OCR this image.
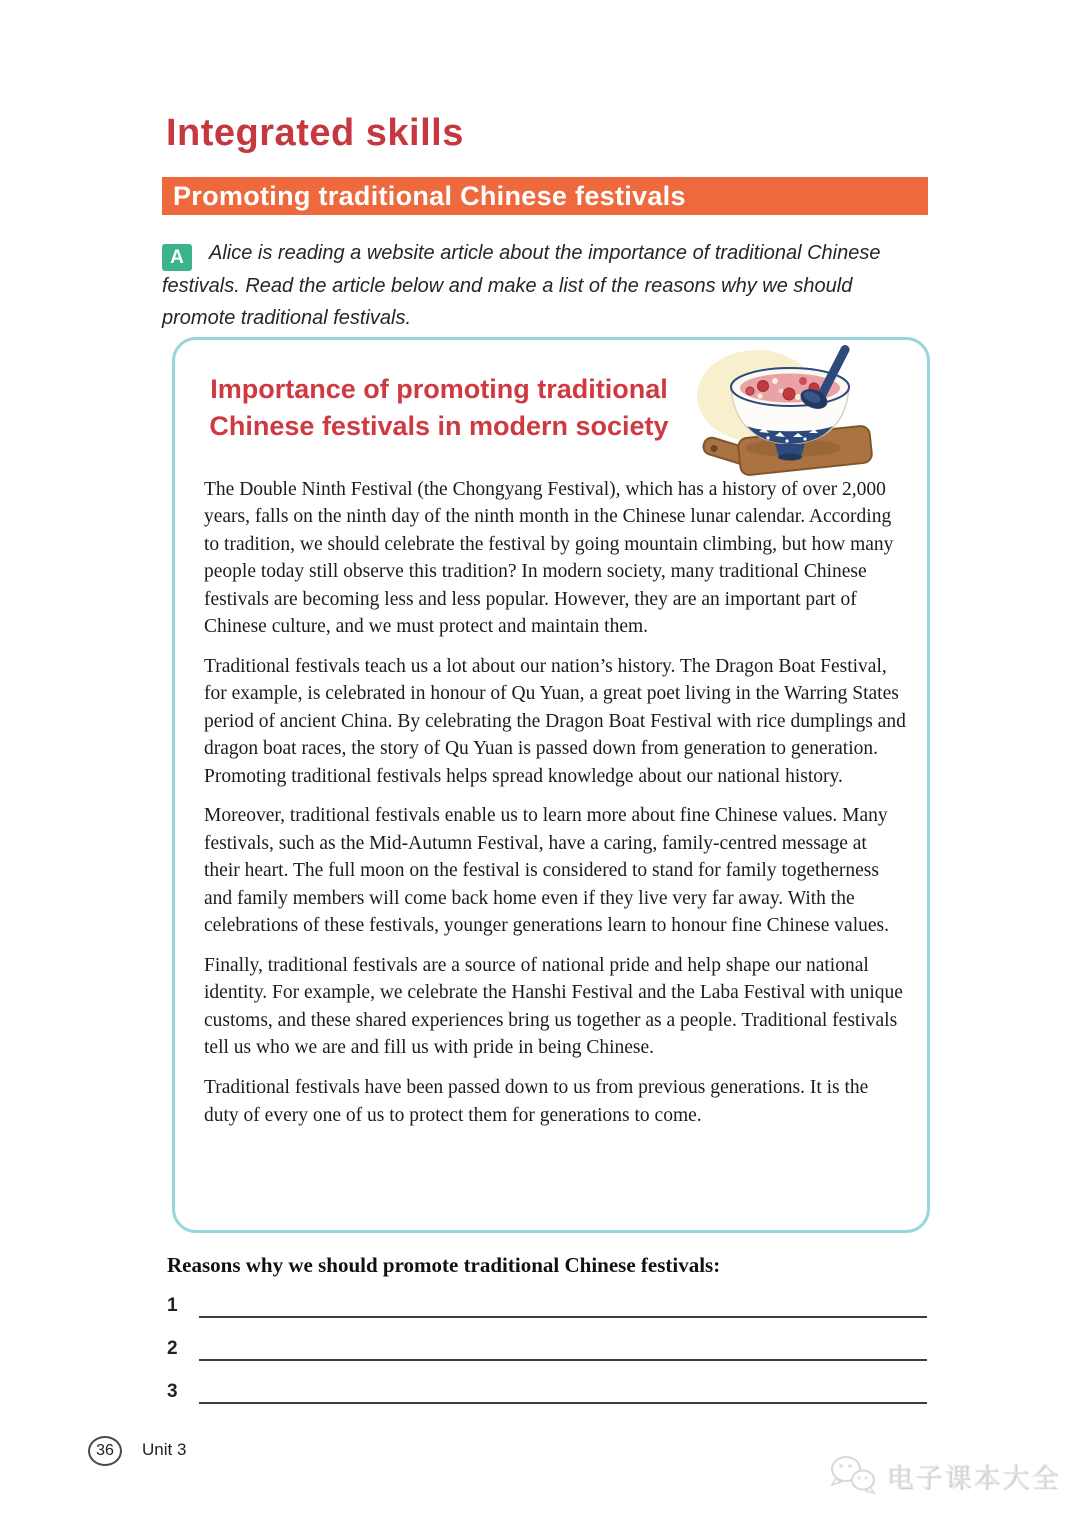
Integrated skills
Promoting traditional Chinese festivals

A Alice is reading a website article about the importance of traditional Chinese festivals. Read the article below and make a list of the reasons why we should promote traditional festivals.

Importance of promoting traditional
Chinese festivals in modern society

The Double Ninth Festival (the Chongyang Festival), which has a history of over 2,000 years, falls on the ninth day of the ninth month in the Chinese lunar calendar. According to tradition, we should celebrate the festival by going mountain climbing, but how many people today still observe this tradition? In modern society, many traditional Chinese festivals are becoming less and less popular. However, they are an important part of Chinese culture, and we must protect and maintain them.

Traditional festivals teach us a lot about our nation’s history. The Dragon Boat Festival, for example, is celebrated in honour of Qu Yuan, a great poet living in the Warring States period of ancient China. By celebrating the Dragon Boat Festival with rice dumplings and dragon boat races, the story of Qu Yuan is passed down from generation to generation. Promoting traditional festivals helps spread knowledge about our national history.

Moreover, traditional festivals enable us to learn more about fine Chinese values. Many festivals, such as the Mid-Autumn Festival, have a caring, family-centred message at their heart. The full moon on the festival is considered to stand for family togetherness and family members will come back home even if they live very far away. With the celebrations of these festivals, younger generations learn to honour fine Chinese values.

Finally, traditional festivals are a source of national pride and help shape our national identity. For example, we celebrate the Hanshi Festival and the Laba Festival with unique customs, and these shared experiences bring us together as a people. Traditional festivals tell us who we are and fill us with pride in being Chinese.

Traditional festivals have been passed down to us from previous generations. It is the duty of every one of us to protect them for generations to come.

Reasons why we should promote traditional Chinese festivals:
1
2
3
36	Unit 3
电子课本大全
